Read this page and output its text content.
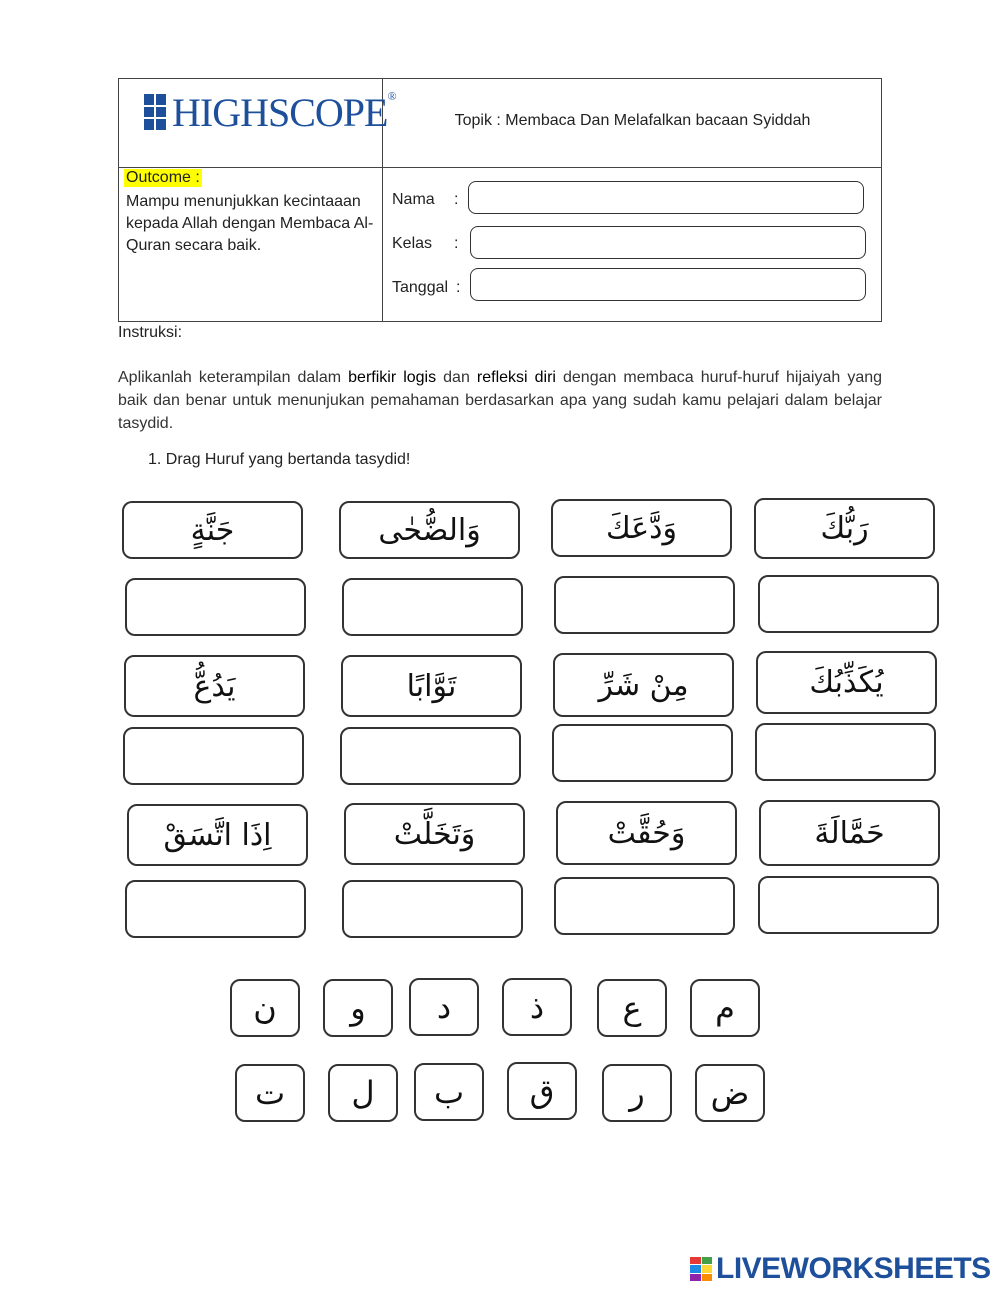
HIGHSCOPE®
Topik : Membaca Dan Melafalkan bacaan Syiddah
Outcome :
Mampu menunjukkan kecintaaan kepada Allah dengan Membaca Al-Quran secara baik.
Nama :
Kelas :
Tanggal :
Instruksi:
Aplikanlah keterampilan dalam berfikir logis dan refleksi diri dengan membaca huruf-huruf hijaiyah yang baik dan benar untuk menunjukan pemahaman berdasarkan apa yang sudah kamu pelajari dalam belajar tasydid.
1. Drag Huruf yang bertanda tasydid!
جَنَّةٍ	وَالضُّحٰى	وَدَّعَكَ	رَبُّكَ
يَدُعُّ	تَوَّابًا	مِنْ شَرِّ	يُكَذِّبُكَ
اِذَا اتَّسَقْ	وَتَخَلَّتْ	وَحُقَّتْ	حَمَّالَةَ
ن	و	د	ذ	ع	م
ت	ل	ب	ق	ر	ض
LIVEWORKSHEETS
